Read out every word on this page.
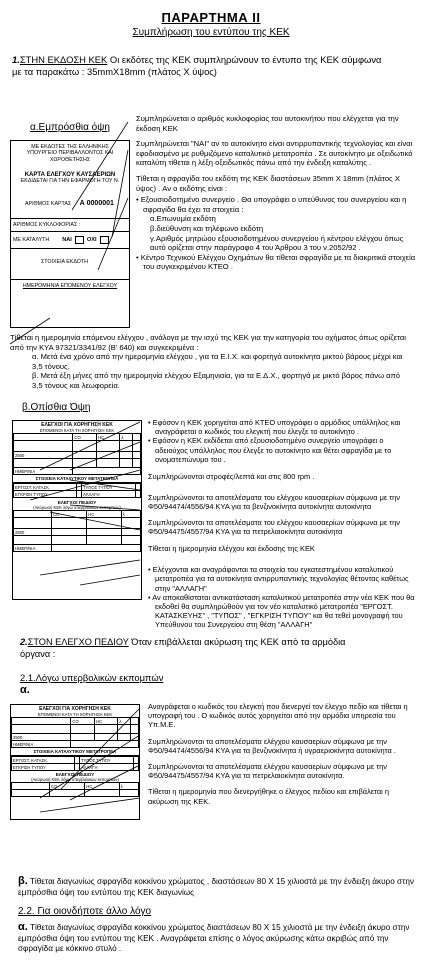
ΠΑΡΑΡΤΗΜΑ ΙΙ
Συμπλήρωση του εντύπου της ΚΕΚ
1.ΣΤΗΝ ΕΚΔΟΣΗ ΚΕΚ Οι εκδότες της ΚΕΚ συμπληρώνουν το έντυπο της ΚΕΚ σύμφωνα
με τα παρακάτω : 35mmX18mm (πλάτος Χ ύψος)
α.Εμπρόσθια όψη
ΜΕ ΕΚΔΟΤΕΣ ΤΗΣ ΕΛΛΗΝΙΚΗΣ
ΥΠΟΥΡΓΕΙΟ ΠΕΡΙΒΑΛΛΟΝΤΟΣ ΚΑΙ ΧΩΡΟΘΕΤΗΣΗΣ
ΚΑΡΤΑ ΕΛΕΓΧΟΥ ΚΑΥΣΑΕΡΙΩΝ
ΕΚΔΙΔΕΤΑΙ ΓΙΑ ΤΗΝ ΕΦΑΡΜΟΓΗ ΤΟΥ Ν.
ΑΡΙΘΜΟΣ ΚΑΡΤΑΣ Α 0000001
ΑΡΙΘΜΟΣ ΚΥΚΛΟΦΟΡΙΑΣ :
ΜΕ ΚΑΤΑΛΥΤΗ ΝΑΙ	ΟΧΙ
ΣΤΟΙΧΕΙΑ ΕΚΔΟΤΗ
ΗΜΕΡΟΜΗΝΙΑ ΕΠΟΜΕΝΟΥ ΕΛΕΓΧΟΥ
Συμπληρώνεται ο αριθμός κυκλοφορίας του αυτοκινήτου που ελέγχεται για την έκδοση ΚΕΚ
Συμπληρώνεται "ΝΑΙ" αν το αυτοκίνητο είναι αντιρρυπαντικής τεχνολογίας και είναι εφοδιασμένο με ρυθμιζόμενο καταλυτικό μετατροπέα . Σε αυτοκίνητο με οξειδωτικό καταλύτη τίθεται η λέξη οξειδωτικός πάνω από την ένδειξη καταλύτης .
Τίθεται η σφραγίδα του εκδότη της ΚΕΚ διαστάσεων 35mm Χ 18mm (πλάτος Χ ύψος) . Αν ο εκδότης είναι :
• Εξουσιοδοτημένο συνεργείο . Θα υπογράφει ο υπεύθυνος του συνεργείου και η σφραγίδα θα έχει τα στοιχεία :
α.Επωνυμία εκδότη
β.διεύθυνση και τηλέφωνο εκδότη
γ.Αριθμός μητρώου εξουσιοδοτημένου συνεργείου ή κέντρου ελέγχου όπως αυτό ορίζεται στην παράγραφο 4 του Άρθρου 3 του ν.2052/92 .
• Κέντρο Τεχνικού Ελέγχου Οχημάτων θα τίθεται σφραγίδα με τα διακριτικά στοιχεία του συγκεκριμένου ΚΤΕΟ .
Τίθεται η ημερομηνία επόμενου ελέγχου , ανάλογα με την ισχύ της ΚΕΚ για την κατηγορία του οχήματος όπως ορίζεται από την ΚΥΑ 97321/3341/92 (Β' 640) και συγκεκριμένα :
α. Μετά ένα χρόνο από την ημερομηνία ελέγχου , για τα Ε.Ι.Χ. και φορτηγά αυτοκίνητα μικτού βάρους μέχρι και 3,5 τόνους.
β. Μετά έξη μήνες από την ημερομηνία ελέγχου Εξαμηνιαία, για τα Ε.Δ.Χ., φορτηγά με μικτό βάρος πάνω από 3,5 τόνους και λεωφορεία.
β.Οπίσθια Όψη
ΕΛΕΓΧΟΙ ΓΙΑ ΧΟΡΗΓΗΣΗ ΚΕΚ
ΕΠΟΜΕΝΟΙ ΚΑΤΑ ΤΗ ΧΟΡΗΓΗΣΗ ΚΕΚ
	CO	HC	λ	

2500				

ΗΜΕΡ/ΝΙΑ				
ΣΤΟΙΧΕΙΑ ΚΑΤΑΛΥΤΙΚΟΥ ΜΕΤΑΤΡΟΠΕΑ
ΕΡΓΟΣΤ. ΚΑΤΑΣΚ.		ΤΥΠΟΣ ΤΥΠΟΥ	
ΕΓΚΡΙΣΗ ΤΥΠΟΥ		ΑΛΛΑΓΗ	
ΕΛΕΓΧΟΙ ΠΕΔΙΟΥ
(Ακύρωση ΚΕΚ λόγω υπερβολικών εκπομπών)
	CO	HC	λ

2500			

ΗΜΕΡ/ΝΙΑ			
• Εφόσον η ΚΕΚ χορηγείται από ΚΤΕΟ υπογράφει ο αρμόδιος υπάλληλος και αναγράφεται ο κωδικός του ελεγκτή που έλεγξε το αυτοκίνητο .
• Εφόσον η ΚΕΚ εκδίδεται από εξουσιοδοτημένο συνεργείο υπογράφει ο αδειούχος υπάλληλος που έλεγξε το αυτοκίνητο και θέτει σφραγίδα με το ονοματεπώνυμο του .
Συμπληρώνονται στροφές/λεπτά και στις 800 rpm .
Συμπληρώνονται τα αποτελέσματα του ελέγχου καυσαερίων σύμφωνα με την Φ50/94474/4556/94 ΚΥΑ για τα βενζινοκίνητα αυτοκίνητα αυτοκίνητα
Συμπληρώνονται τα αποτελέσματα του ελέγχου καυσαερίων σύμφωνα με την Φ50/94475/4557/94 ΚΥΑ για τα πετρελαιοκίνητα αυτοκίνητα
Τίθεται η ημερομηνία ελέγχου και έκδοσης της ΚΕΚ
• Ελέγχονται και αναγράφονται τα στοιχεία του εγκατεστημένου καταλυτικού μετατροπέα για τα αυτοκίνητα αντιρρυπαντικής τεχνολογίας θέτοντας καθέτως στην "ΑΛΛΑΓΗ"
• Αν αποκαθίσταται αντικατάσταση καταλυτικού μετατροπέα στην νέα ΚΕΚ που θα εκδοθεί θα συμπληρώθούν για τον νέο καταλυτικό μετατροπέα "ΕΡΓΟΣΤ. ΚΑΤΑΣΚΕΥΗΣ" , "ΤΥΠΟΣ" , "ΕΓΚΡΙΣΗ ΤΥΠΟΥ" και θα τεθεί μονογραφή του Υπεύθυνου του Συνεργείου στη θέση "ΑΛΛΑΓΗ"
2.ΣΤΟΝ ΕΛΕΓΧΟ ΠΕΔΙΟΥ Όταν επιβάλλεται ακύρωση της ΚΕΚ από τα αρμόδια
όργανα :
2.1.Λόγω υπερβολικών εκπομπών
α.
ΕΛΕΓΧΟΙ ΓΙΑ ΧΟΡΗΓΗΣΗ ΚΕΚ
ΕΠΟΜΕΝΟΙ ΚΑΤΑ ΤΗ ΧΟΡΗΓΗΣΗ ΚΕΚ
	CO	HC	λ	

2500				
ΗΜΕΡ/ΝΙΑ				
ΣΤΟΙΧΕΙΑ ΚΑΤΑΛΥΤΙΚΟΥ ΜΕΤΑΤΡΟΠΕΑ
ΕΡΓΟΣΤ. ΚΑΤΑΣΚ.		ΤΥΠΟΣ ΤΥΠΟΥ	
ΕΓΚΡΙΣΗ ΤΥΠΟΥ		ΑΛΛΑΓΗ	
ΕΛΕΓΧΟΙ ΠΕΔΙΟΥ
(Ακύρωση ΚΕΚ λόγω υπερβολικών εκπομπών)
	CO	HC	λ

Αναγράφεται ο κωδικός του ελεγκτή που διενεργεί τον έλεγχο πεδίο και τίθεται η υπογραφή του . Ο κωδικός αυτός χορηγείται από την αρμόδια υπηρεσία του Υπ.Μ.Ε.
Συμπληρώνονται τα αποτελέσματα ελέγχου καυσαερίων σύμφωνα με την Φ50/94474/4556/94 ΚΥΑ για τα βενζινοκίνητα ή υγραεριοκίνητα αυτοκίνητα .
Συμπληρώνονται τα αποτελέσματα ελέγχου καυσαερίων σύμφωνα με την Φ50/94475/4557/94 ΚΥΑ για τα πετρελαιοκίνητα αυτοκίνητα.
Τίθεται η ημερομηνία που διενεργήθηκε ο έλεγχος πεδίου και επιβάλεται η ακύρωση της ΚΕΚ.
β. Τίθεται διαγωνίως σφραγίδα κοκκίνου χρώματος , διαστάσεων 80 Χ 15 χιλιοστά με την ένδειξη άκυρο στην εμπρόσθια όψη του εντύπου της ΚΕΚ διαγωνίως
2.2. Για οιονδήποτε άλλο λόγο
α. Τίθεται διαγωνίως σφραγίδα κοκκίνου χρώματος διαστάσεων 80 Χ 15 χιλιοστά με την ένδειξη άκυρο στην εμπρόσθια όψη του εντύπου της ΚΕΚ . Αναγράφεται επίσης ο λόγος ακύρωσης κάτω ακριβώς από την σφραγίδα με κόκκινο στυλό .
